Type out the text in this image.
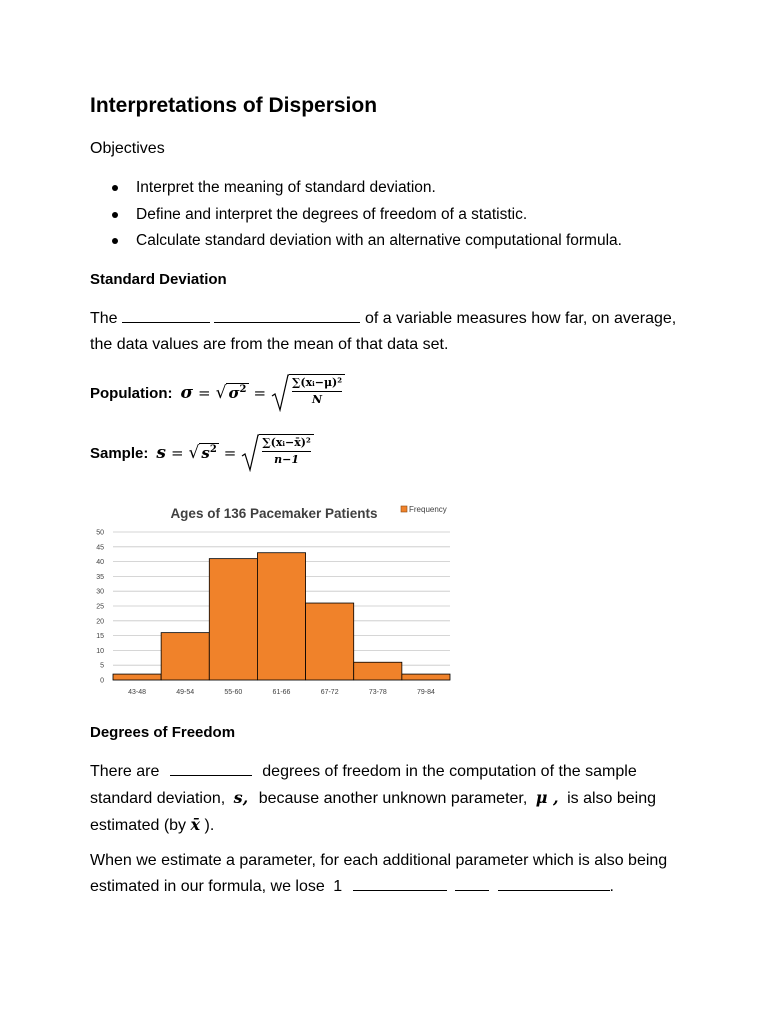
Interpretations of Dispersion
Objectives
Interpret the meaning of standard deviation.
Define and interpret the degrees of freedom of a statistic.
Calculate standard deviation with an alternative computational formula.
Standard Deviation
The	of a variable measures how far, on average,
the data values are from the mean of that data set.
Population: σ = √ $\sigma^2 = \frac{\text{∑(xᵢ−μ)²}}{N}$
Sample: s = √ $s^2 = \frac{\text{∑(xᵢ−x̄)²}}{n-1}$
Ages of 136 Pacemaker Patients	Frequency
0
5
10
15
20
25
30
35
40
45
50
43-48	49-54	55-60	61-66	67-72	73-78	79-84
Degrees of Freedom
There are	degrees of freedom in the computation of the sample
standard deviation, s, because another unknown parameter, μ , is also being
estimated (by x̄ ).
When we estimate a parameter, for each additional parameter which is also being
estimated in our formula, we lose 1	.
